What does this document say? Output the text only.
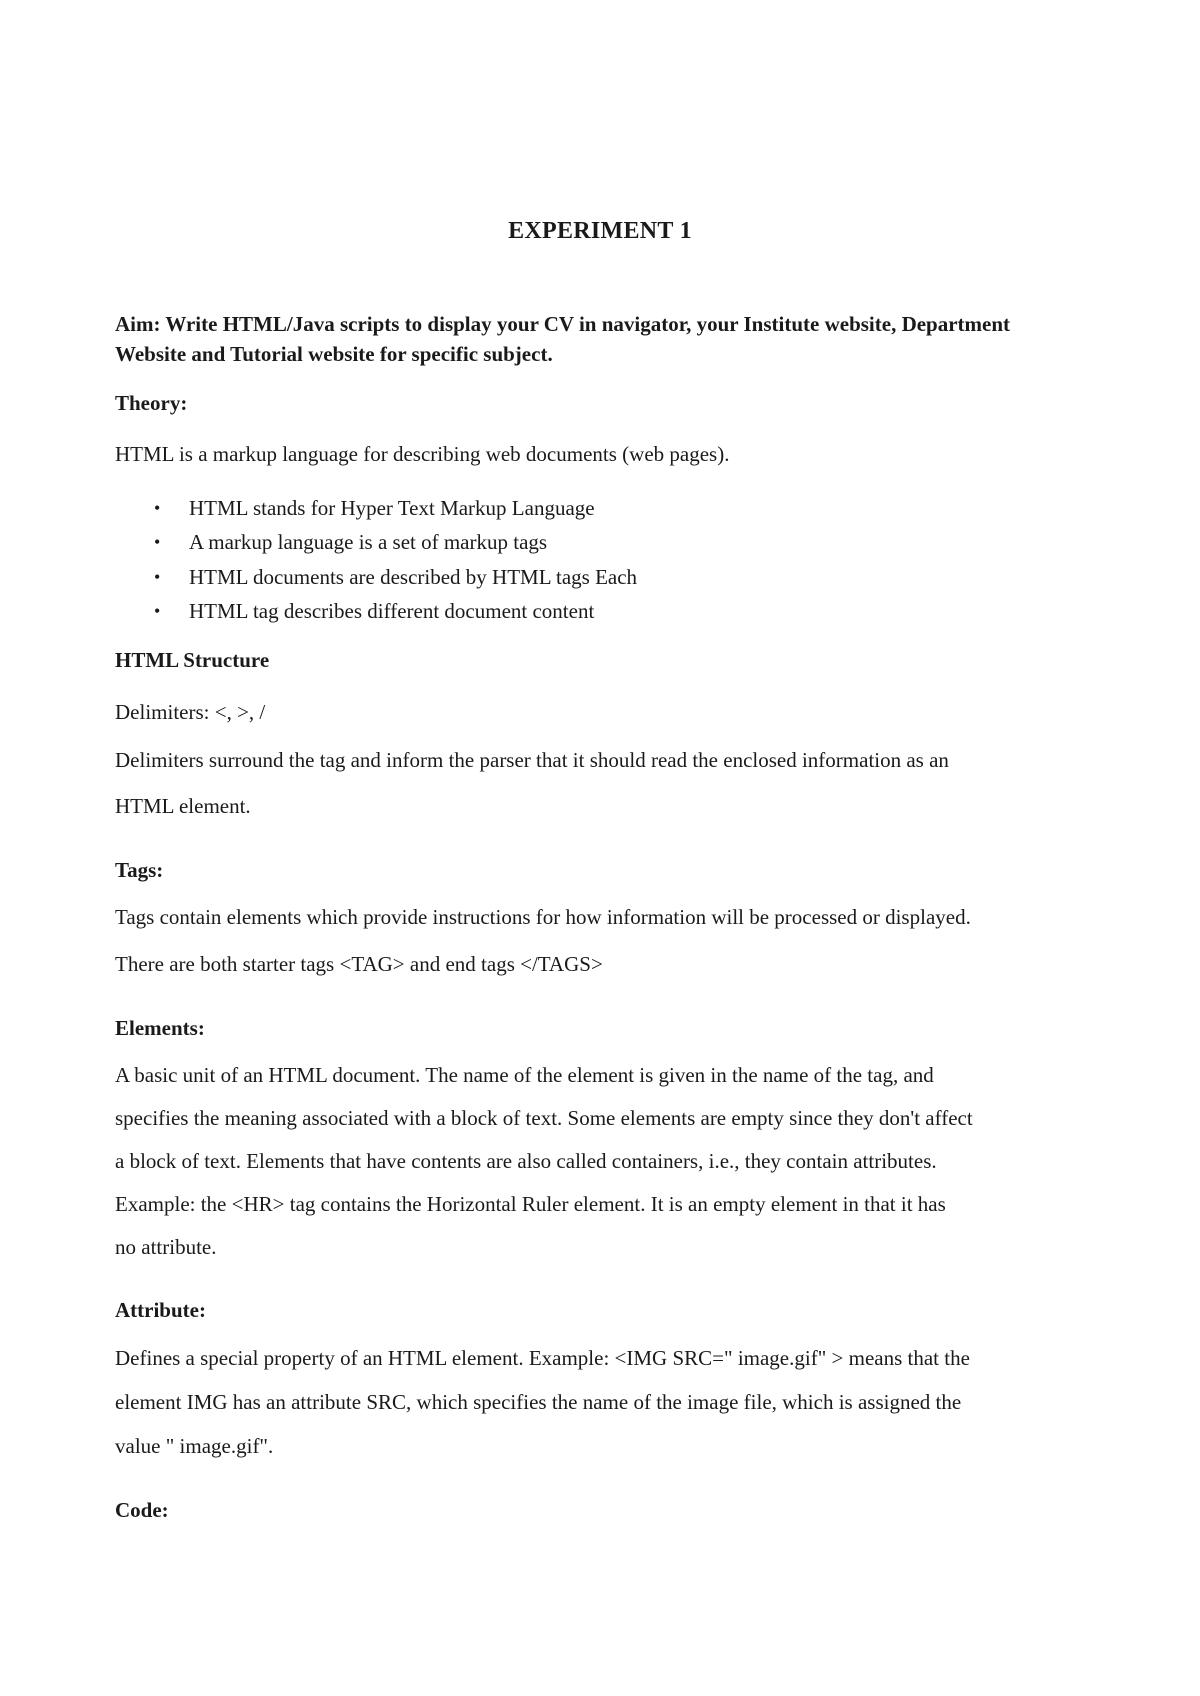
EXPERIMENT 1
Aim: Write HTML/Java scripts to display your CV in navigator, your Institute website, Department
Website and Tutorial website for specific subject.
Theory:
HTML is a markup language for describing web documents (web pages).
• HTML stands for Hyper Text Markup Language
• A markup language is a set of markup tags
• HTML documents are described by HTML tags Each
• HTML tag describes different document content
HTML Structure
Delimiters: <, >, /
Delimiters surround the tag and inform the parser that it should read the enclosed information as an
HTML element.
Tags:
Tags contain elements which provide instructions for how information will be processed or displayed.
There are both starter tags <TAG> and end tags </TAGS>
Elements:
A basic unit of an HTML document. The name of the element is given in the name of the tag, and
specifies the meaning associated with a block of text. Some elements are empty since they don't affect
a block of text. Elements that have contents are also called containers, i.e., they contain attributes.
Example: the <HR> tag contains the Horizontal Ruler element. It is an empty element in that it has
no attribute.
Attribute:
Defines a special property of an HTML element. Example: <IMG SRC=" image.gif" > means that the
element IMG has an attribute SRC, which specifies the name of the image file, which is assigned the
value " image.gif".
Code:
